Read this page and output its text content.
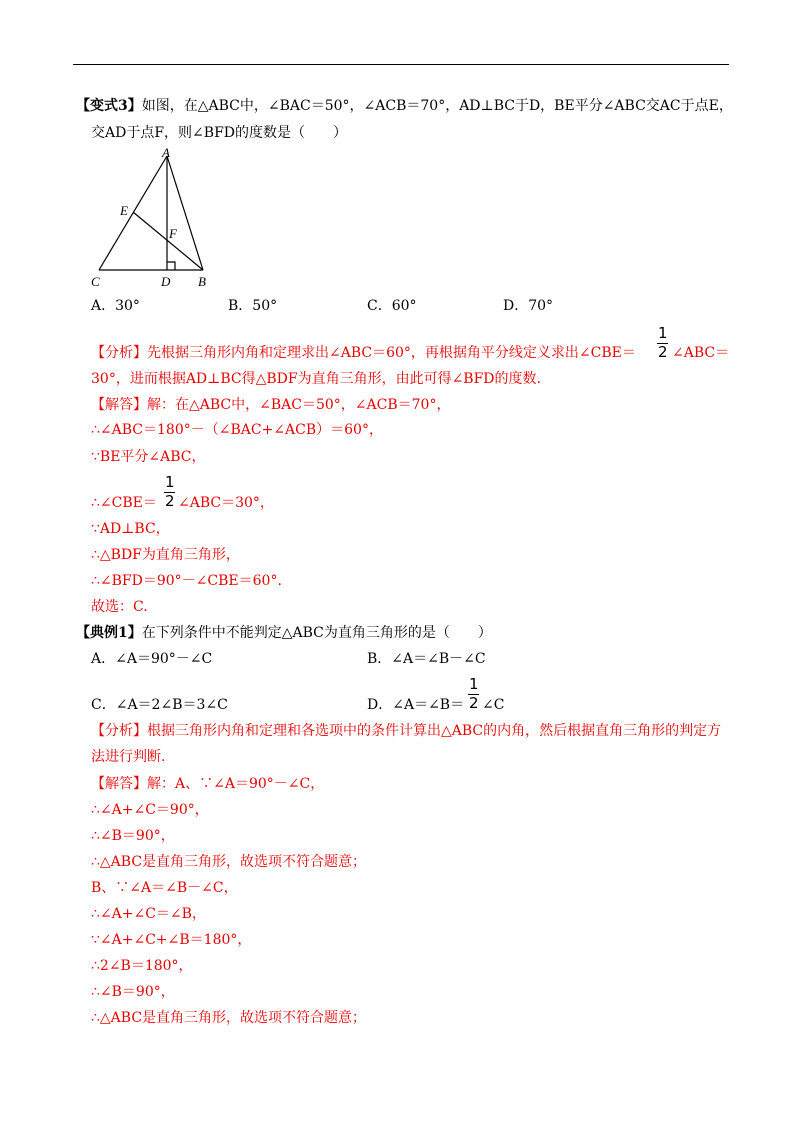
【变式3】如图，在△ABC中，∠BAC＝50°，∠ACB＝70°，AD⊥BC于D，BE平分∠ABC交AC于点E，
交AD于点F，则∠BFD的度数是（　　）
A
E
F
C	D B
A．30°	B．50°	C．60°	D．70°
【分析】先根据三角形内角和定理求出∠ABC＝60°，再根据角平分线定义求出∠CBE＝
1
2 ∠ABC＝
30°，进而根据AD⊥BC得△BDF为直角三角形，由此可得∠BFD的度数.
【解答】解：在△ABC中，∠BAC＝50°，∠ACB＝70°，
∴∠ABC＝180°－（∠BAC+∠ACB）＝60°，
∵BE平分∠ABC，
∴∠CBE＝
1
2 ∠ABC＝30°，
∵AD⊥BC，
∴△BDF为直角三角形，
∴∠BFD＝90°－∠CBE＝60°.
故选：C.
【典例1】在下列条件中不能判定△ABC为直角三角形的是（　　）
A．∠A＝90°－∠C	B．∠A＝∠B－∠C
C．∠A＝2∠B＝3∠C	D．∠A＝∠B＝
1
2 ∠C
【分析】根据三角形内角和定理和各选项中的条件计算出△ABC的内角，然后根据直角三角形的判定方
法进行判断.
【解答】解：A、∵∠A＝90°－∠C，
∴∠A+∠C＝90°，
∴∠B＝90°，
∴△ABC是直角三角形，故选项不符合题意；
B、∵∠A＝∠B－∠C，
∴∠A+∠C＝∠B，
∵∠A+∠C+∠B＝180°，
∴2∠B＝180°，
∴∠B＝90°，
∴△ABC是直角三角形，故选项不符合题意；
